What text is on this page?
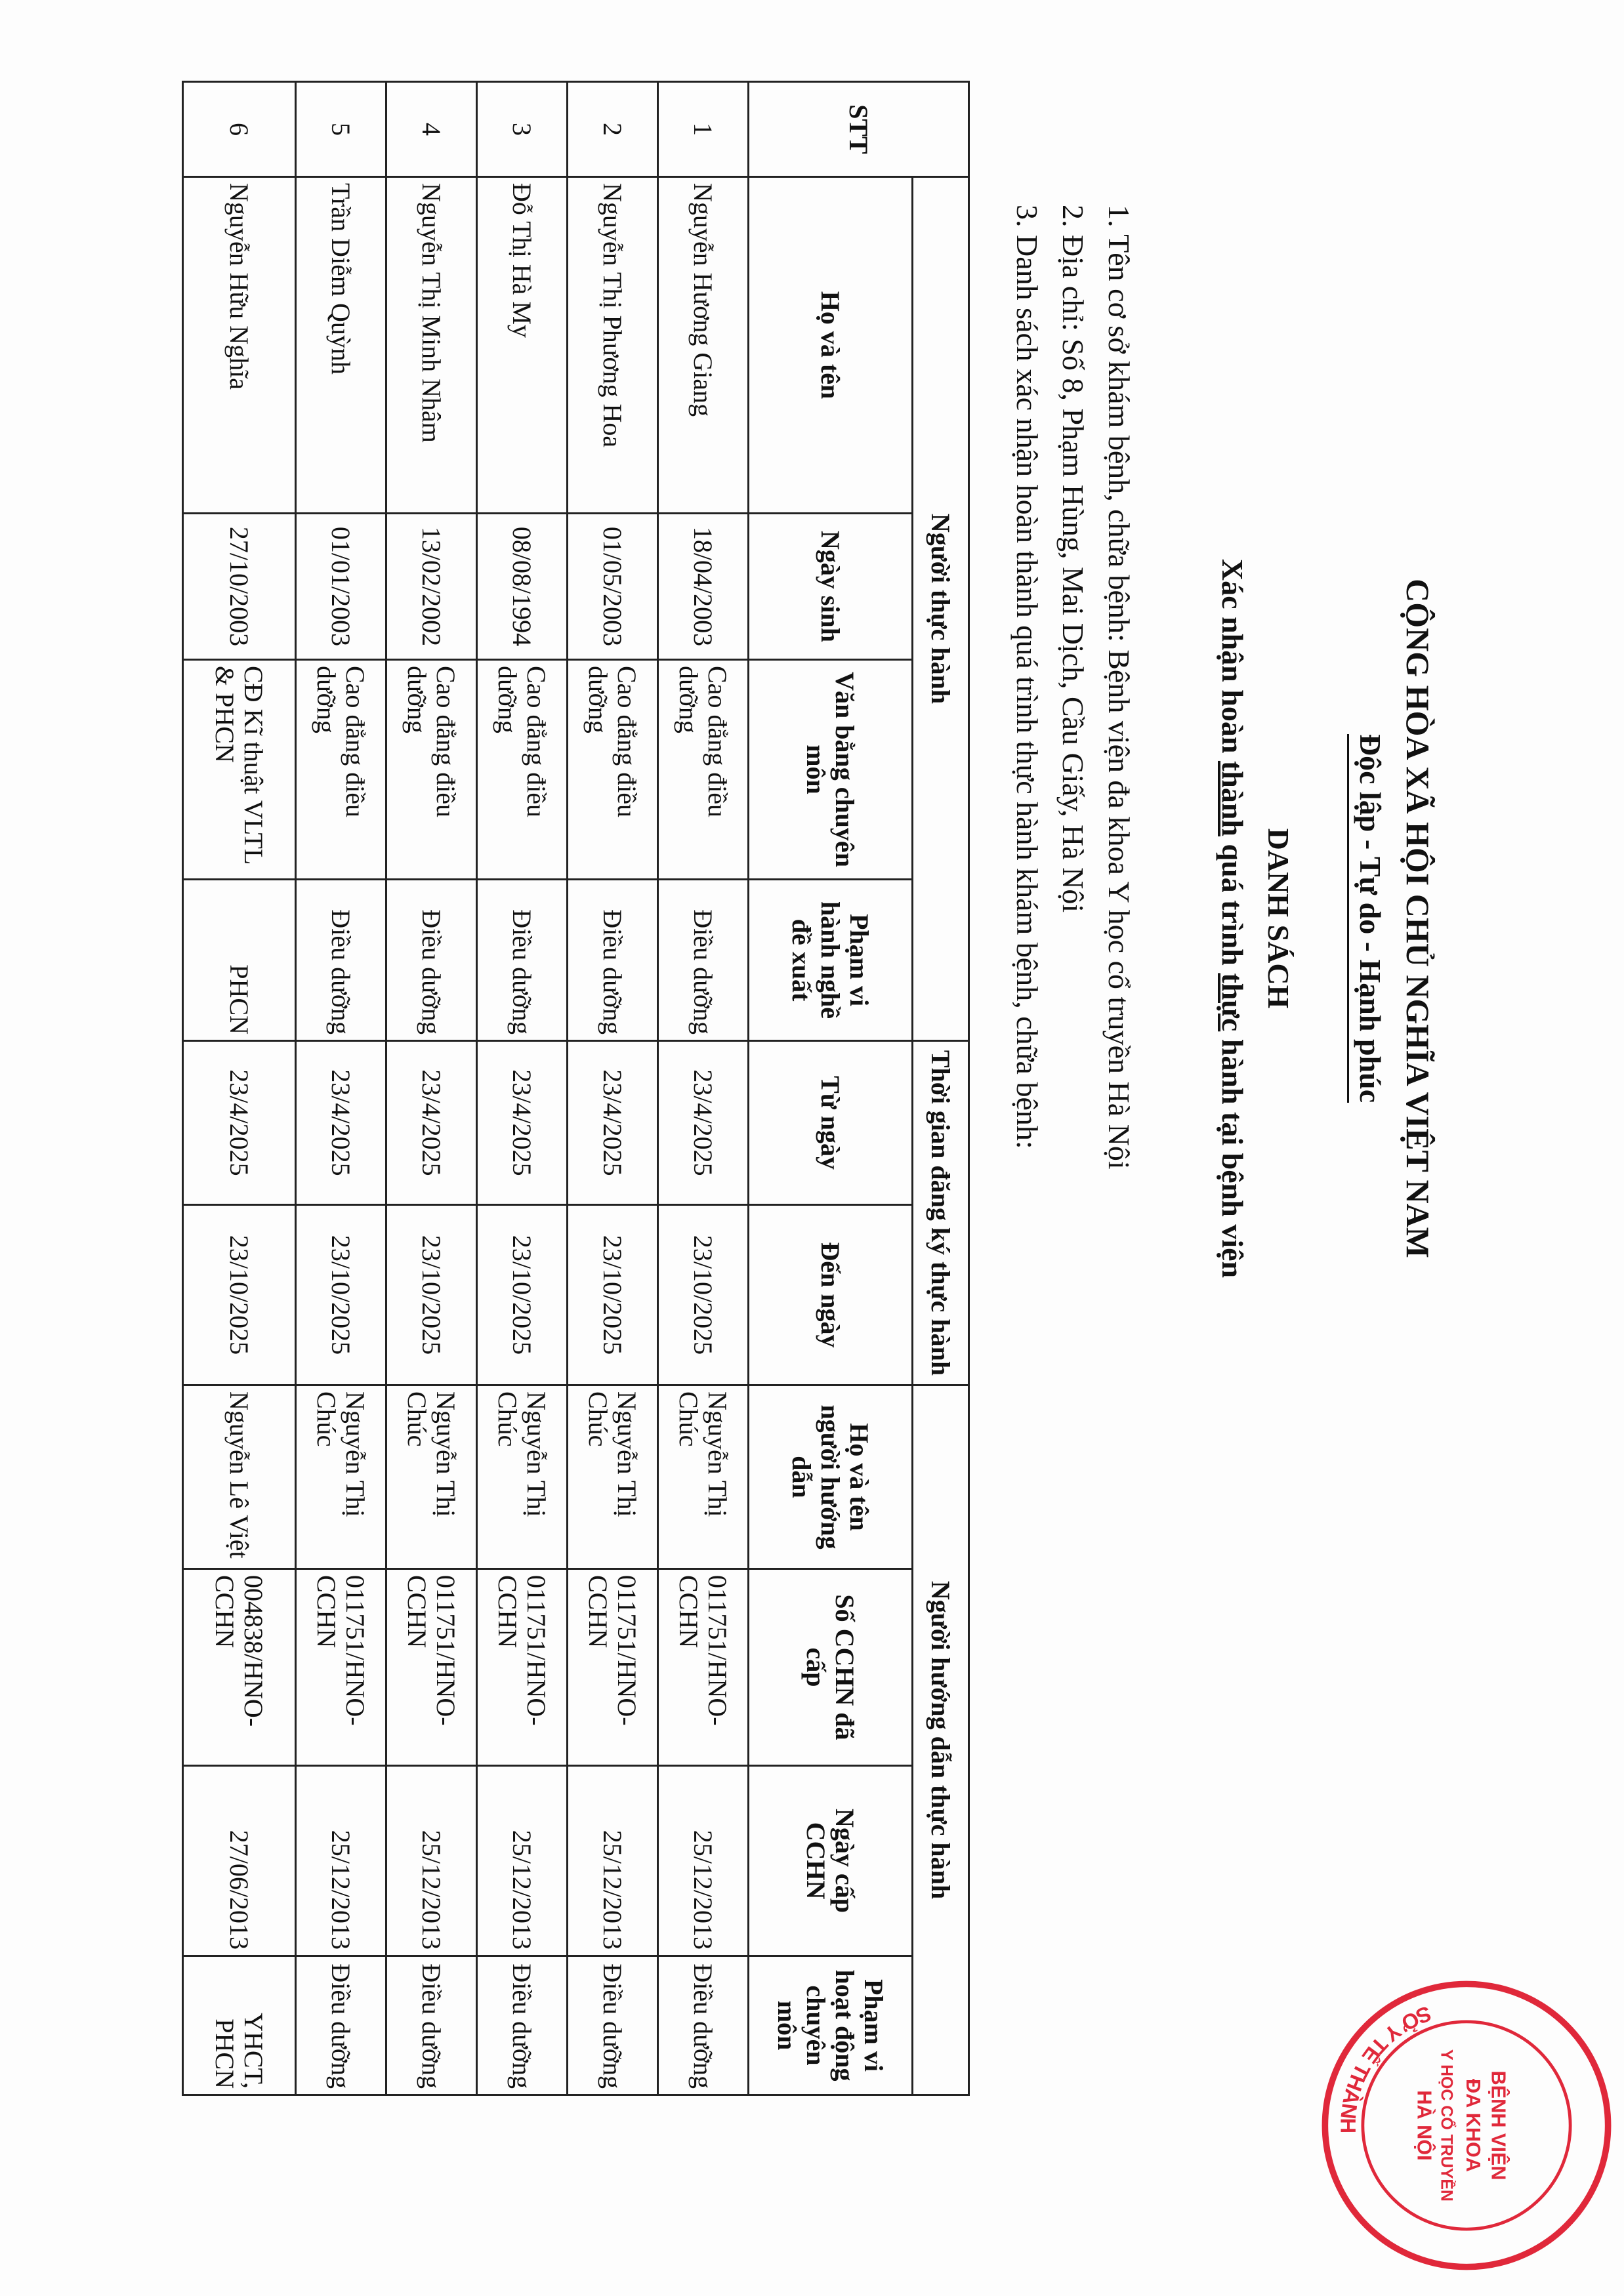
CỘNG HÒA XÃ HỘI CHỦ NGHĨA VIỆT NAM
Độc lập - Tự do - Hạnh phúc
DANH SÁCH
Xác nhận hoàn thành quá trình thực hành tại bệnh viện
1. Tên cơ sở khám bệnh, chữa bệnh: Bệnh viện đa khoa Y học cổ truyền Hà Nội
2. Địa chỉ: Số 8, Phạm Hùng, Mai Dịch, Cầu Giấy, Hà Nội
3. Danh sách xác nhận hoàn thành quá trình thực hành khám bệnh, chữa bệnh:
STT	Người thực hành				Thời gian đăng ký thực hành		Người hướng dẫn thực hành			
	Họ và tên	Ngày sinh	Văn bằng chuyên môn	Phạm vi hành nghề đề xuất	Từ ngày	Đến ngày	Họ và tên người hướng dẫn	Số CCHN đã cấp	Ngày cấp CCHN	Phạm vi hoạt động chuyên môn
1	Nguyễn Hương Giang	18/04/2003	Cao đẳng điều dưỡng	Điều dưỡng	23/4/2025	23/10/2025	Nguyễn Thị Chúc	011751/HNO-CCHN	25/12/2013	Điều dưỡng
2	Nguyễn Thị Phương Hoa	01/05/2003	Cao đẳng điều dưỡng	Điều dưỡng	23/4/2025	23/10/2025	Nguyễn Thị Chúc	011751/HNO-CCHN	25/12/2013	Điều dưỡng
3	Đỗ Thị Hà My	08/08/1994	Cao đẳng điều dưỡng	Điều dưỡng	23/4/2025	23/10/2025	Nguyễn Thị Chúc	011751/HNO-CCHN	25/12/2013	Điều dưỡng
4	Nguyễn Thị Minh Nhâm	13/02/2002	Cao đẳng điều dưỡng	Điều dưỡng	23/4/2025	23/10/2025	Nguyễn Thị Chúc	011751/HNO-CCHN	25/12/2013	Điều dưỡng
5	Trần Diễm Quỳnh	01/01/2003	Cao đẳng điều dưỡng	Điều dưỡng	23/4/2025	23/10/2025	Nguyễn Thị Chúc	011751/HNO-CCHN	25/12/2013	Điều dưỡng
6	Nguyễn Hữu Nghĩa	27/10/2003	CĐ Kĩ thuật VLTL & PHCN	PHCN	23/4/2025	23/10/2025	Nguyễn Lê Việt	004838/HNO-CCHN	27/06/2013	YHCT, PHCN
SỞ Y TẾ THÀNH	BỆNH VIỆN
ĐA KHOA
Y HỌC CỔ TRUYỀN
HÀ NỘI
